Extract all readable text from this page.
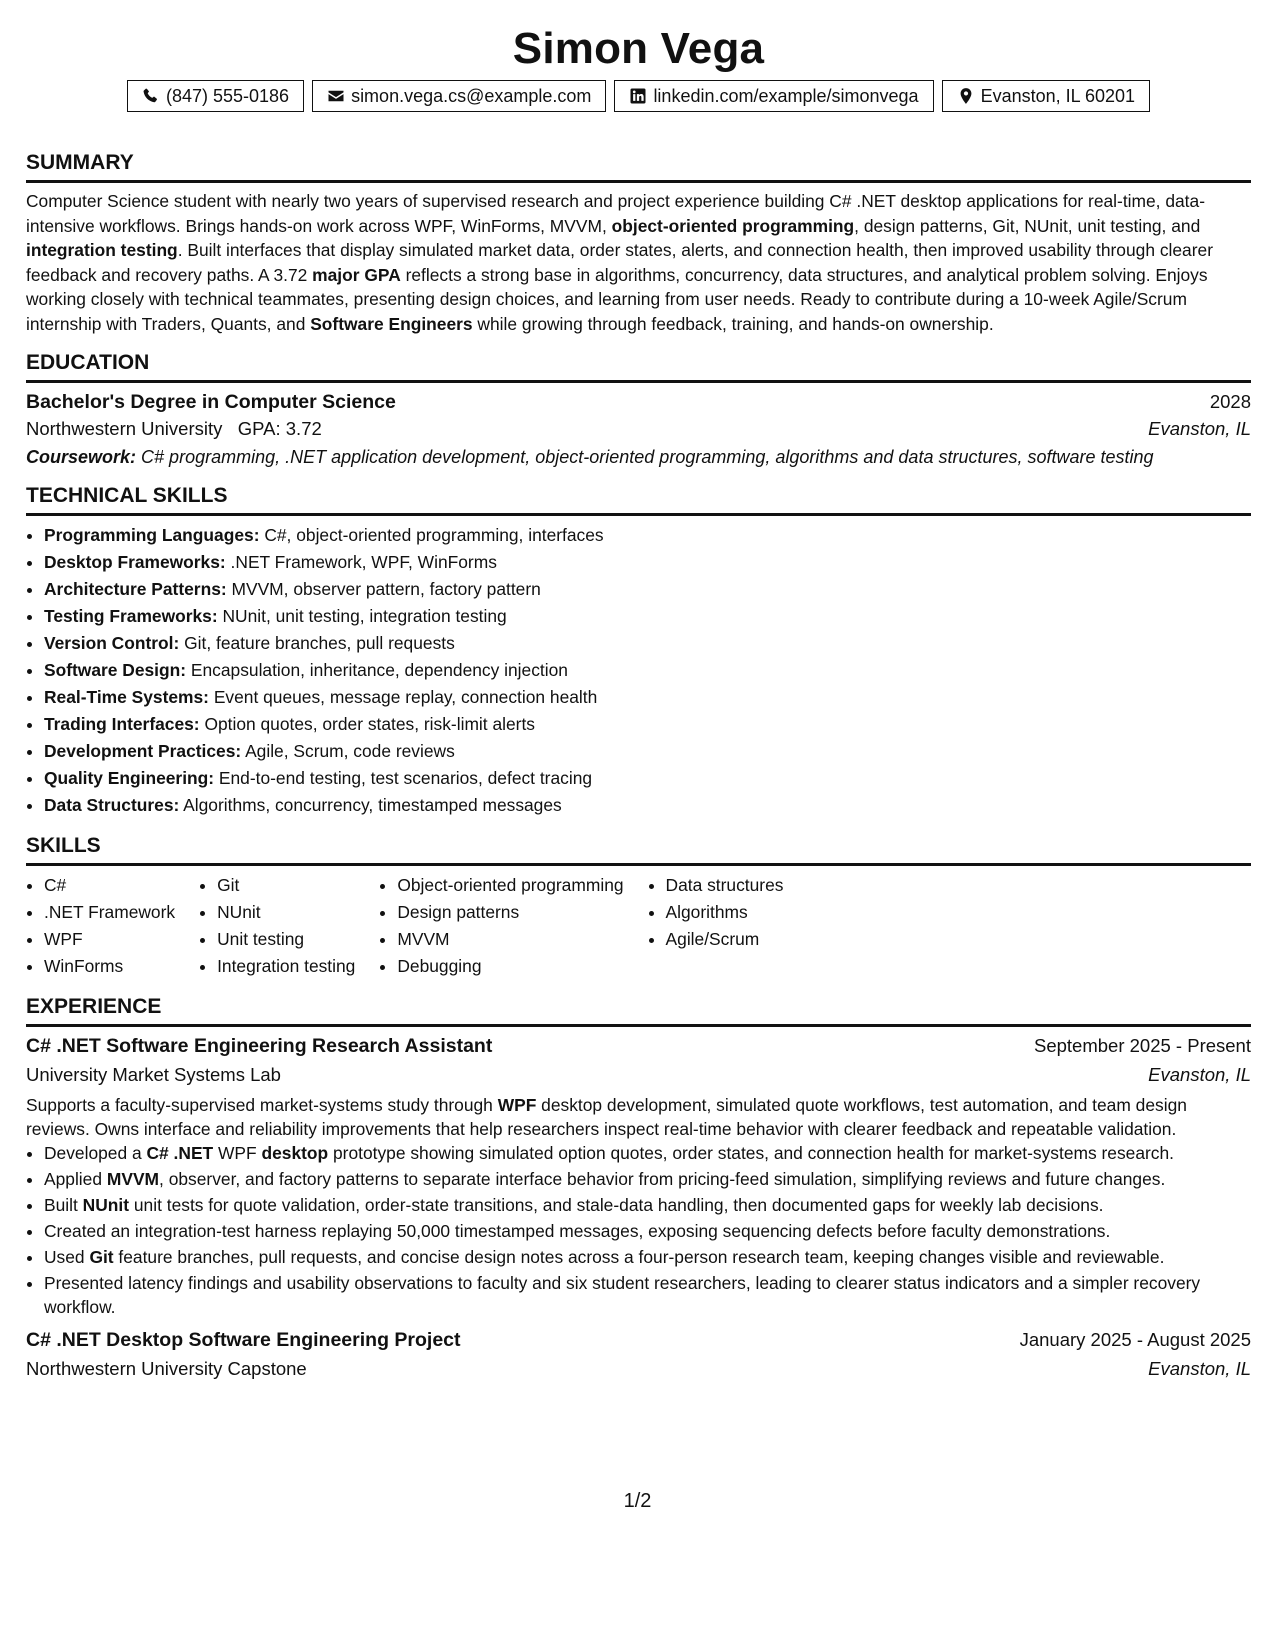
Simon Vega
(847) 555-0186	simon.vega.cs@example.com	linkedin.com/example/simonvega	Evanston, IL 60201
SUMMARY

Computer Science student with nearly two years of supervised research and project experience building C# .NET desktop applications for real-time, data-intensive workflows. Brings hands-on work across WPF, WinForms, MVVM, object-oriented programming, design patterns, Git, NUnit, unit testing, and integration testing. Built interfaces that display simulated market data, order states, alerts, and connection health, then improved usability through clearer feedback and recovery paths. A 3.72 major GPA reflects a strong base in algorithms, concurrency, data structures, and analytical problem solving. Enjoys working closely with technical teammates, presenting design choices, and learning from user needs. Ready to contribute during a 10-week Agile/Scrum internship with Traders, Quants, and Software Engineers while growing through feedback, training, and hands-on ownership.

EDUCATION
Bachelor's Degree in Computer Science	2028
Northwestern University GPA: 3.72	Evanston, IL

Coursework: C# programming, .NET application development, object-oriented programming, algorithms and data structures, software testing

TECHNICAL SKILLS
• Programming Languages: C#, object-oriented programming, interfaces
• Desktop Frameworks: .NET Framework, WPF, WinForms
• Architecture Patterns: MVVM, observer pattern, factory pattern
• Testing Frameworks: NUnit, unit testing, integration testing
• Version Control: Git, feature branches, pull requests
• Software Design: Encapsulation, inheritance, dependency injection
• Real-Time Systems: Event queues, message replay, connection health
• Trading Interfaces: Option quotes, order states, risk-limit alerts
• Development Practices: Agile, Scrum, code reviews
• Quality Engineering: End-to-end testing, test scenarios, defect tracing
• Data Structures: Algorithms, concurrency, timestamped messages
SKILLS
• C#
• .NET Framework
• WPF
• WinForms
• Git
• NUnit
• Unit testing
• Integration testing
• Object-oriented programming
• Design patterns
• MVVM
• Debugging
• Data structures
• Algorithms
• Agile/Scrum
EXPERIENCE
C# .NET Software Engineering Research Assistant	September 2025 - Present
University Market Systems Lab	Evanston, IL

Supports a faculty-supervised market-systems study through WPF desktop development, simulated quote workflows, test automation, and team design reviews. Owns interface and reliability improvements that help researchers inspect real-time behavior with clearer feedback and repeatable validation.

• Developed a C# .NET WPF desktop prototype showing simulated option quotes, order states, and connection health for market-systems research.
• Applied MVVM, observer, and factory patterns to separate interface behavior from pricing-feed simulation, simplifying reviews and future changes.
• Built NUnit unit tests for quote validation, order-state transitions, and stale-data handling, then documented gaps for weekly lab decisions.
• Created an integration-test harness replaying 50,000 timestamped messages, exposing sequencing defects before faculty demonstrations.
• Used Git feature branches, pull requests, and concise design notes across a four-person research team, keeping changes visible and reviewable.
• Presented latency findings and usability observations to faculty and six student researchers, leading to clearer status indicators and a simpler recovery workflow.
C# .NET Desktop Software Engineering Project	January 2025 - August 2025
Northwestern University Capstone	Evanston, IL
1/2
